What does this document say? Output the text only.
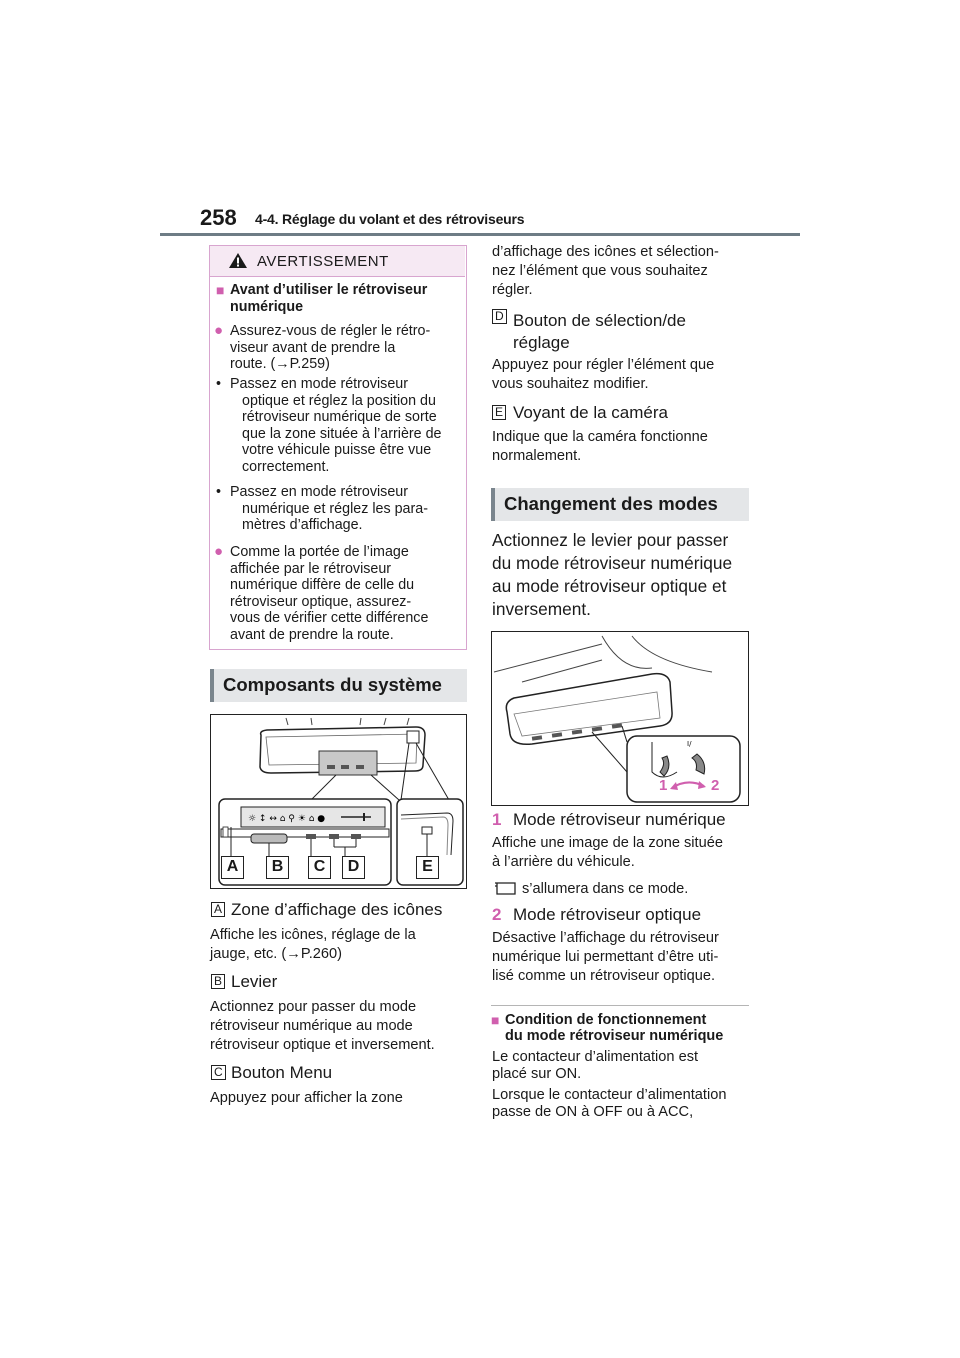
258 4-4. Réglage du volant et des rétroviseurs
AVERTISSEMENT
■ Avant d’utiliser le rétroviseur numérique
● Assurez-vous de régler le rétro-
viseur avant de prendre la
route. (→P.259)
• Passez en mode rétroviseur
optique et réglez la position du
rétroviseur numérique de sorte
que la zone située à l’arrière de
votre véhicule puisse être vue
correctement.
• Passez en mode rétroviseur
numérique et réglez les para-
mètres d’affichage.
● Comme la portée de l’image
affichée par le rétroviseur
numérique diffère de celle du
rétroviseur optique, assurez-
vous de vérifier cette différence
avant de prendre la route.
Composants du système
☼ ↕ ↔ ⌂ ⚲ ☀ ⌂ ●
A	B	C	D	E
A Zone d’affichage des icônes
Affiche les icônes, réglage de la
jauge, etc. (→P.260)
B Levier
Actionnez pour passer du mode
rétroviseur numérique au mode
rétroviseur optique et inversement.
C Bouton Menu
Appuyez pour afficher la zone
d’affichage des icônes et sélection-
nez l’élément que vous souhaitez
régler.
D Bouton de sélection/de
réglage
Appuyez pour régler l’élément que
vous souhaitez modifier.
E Voyant de la caméra
Indique que la caméra fonctionne
normalement.
Changement des modes
Actionnez le levier pour passer
du mode rétroviseur numérique
au mode rétroviseur optique et
inversement.
I/
1	2
1 Mode rétroviseur numérique
Affiche une image de la zone située
à l’arrière du véhicule.
s’allumera dans ce mode.
2 Mode rétroviseur optique
Désactive l’affichage du rétroviseur
numérique lui permettant d’être uti-
lisé comme un rétroviseur optique.
■ Condition de fonctionnement
du mode rétroviseur numérique
Le contacteur d’alimentation est
placé sur ON.
Lorsque le contacteur d’alimentation
passe de ON à OFF ou à ACC,
